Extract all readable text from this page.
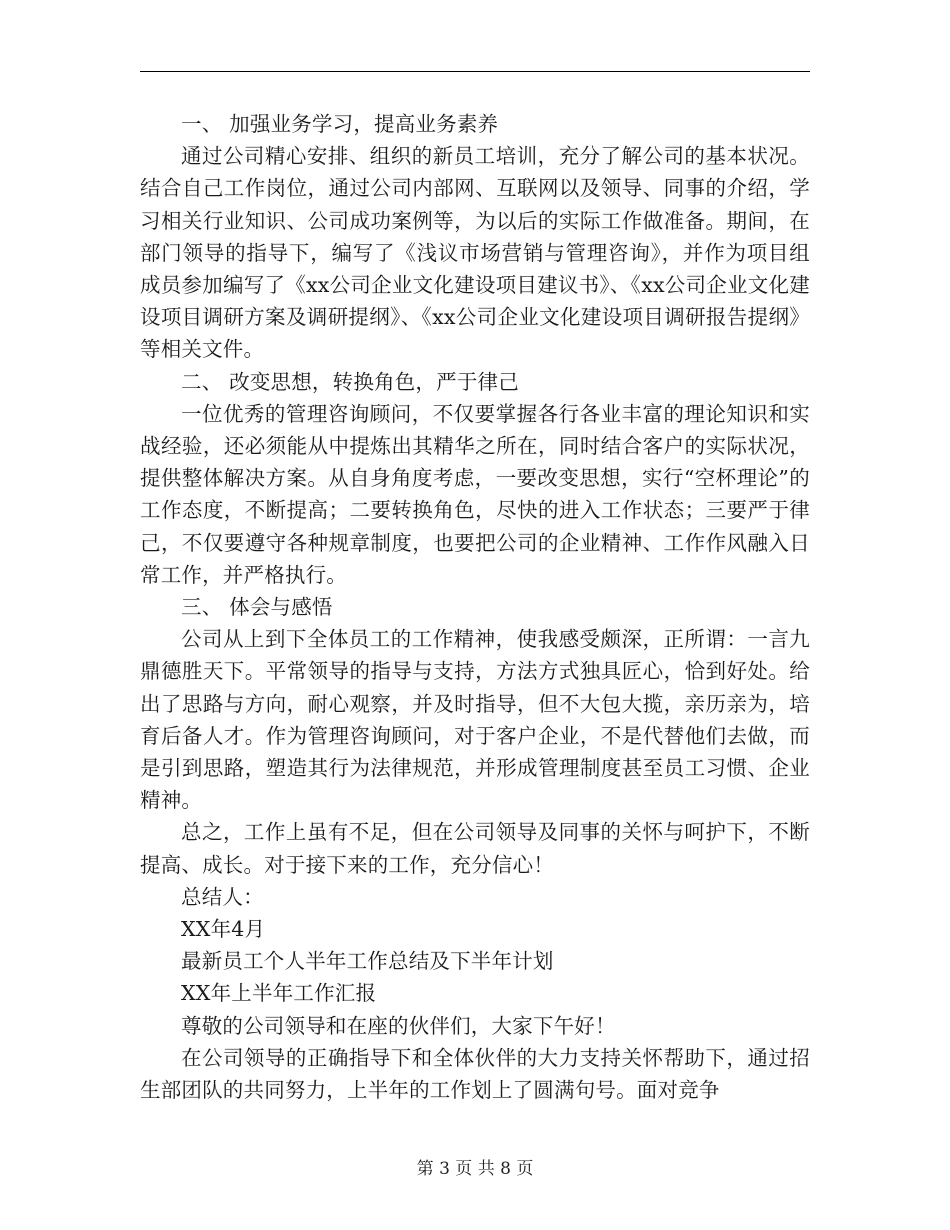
一、 加强业务学习，提高业务素养

通过公司精心安排、组织的新员工培训，充分了解公司的基本状况。结合自己工作岗位，通过公司内部网、互联网以及领导、同事的介绍，学习相关行业知识、公司成功案例等，为以后的实际工作做准备。期间，在部门领导的指导下，编写了《浅议市场营销与管理咨询》，并作为项目组成员参加编写了《xx公司企业文化建设项目建议书》、《xx公司企业文化建设项目调研方案及调研提纲》、《xx公司企业文化建设项目调研报告提纲》等相关文件。

二、 改变思想，转换角色，严于律己

一位优秀的管理咨询顾问，不仅要掌握各行各业丰富的理论知识和实战经验，还必须能从中提炼出其精华之所在，同时结合客户的实际状况，提供整体解决方案。从自身角度考虑，一要改变思想，实行“空杯理论”的工作态度，不断提高；二要转换角色，尽快的进入工作状态；三要严于律己，不仅要遵守各种规章制度，也要把公司的企业精神、工作作风融入日常工作，并严格执行。

三、 体会与感悟

公司从上到下全体员工的工作精神，使我感受颇深，正所谓：一言九鼎德胜天下。平常领导的指导与支持，方法方式独具匠心，恰到好处。给出了思路与方向，耐心观察，并及时指导，但不大包大揽，亲历亲为，培育后备人才。作为管理咨询顾问，对于客户企业，不是代替他们去做，而是引到思路，塑造其行为法律规范，并形成管理制度甚至员工习惯、企业精神。

总之，工作上虽有不足，但在公司领导及同事的关怀与呵护下，不断提高、成长。对于接下来的工作，充分信心！

总结人：

XX年4月

最新员工个人半年工作总结及下半年计划

XX年上半年工作汇报

尊敬的公司领导和在座的伙伴们，大家下午好！

在公司领导的正确指导下和全体伙伴的大力支持关怀帮助下，通过招生部团队的共同努力，上半年的工作划上了圆满句号。面对竞争

第 3 页 共 8 页
